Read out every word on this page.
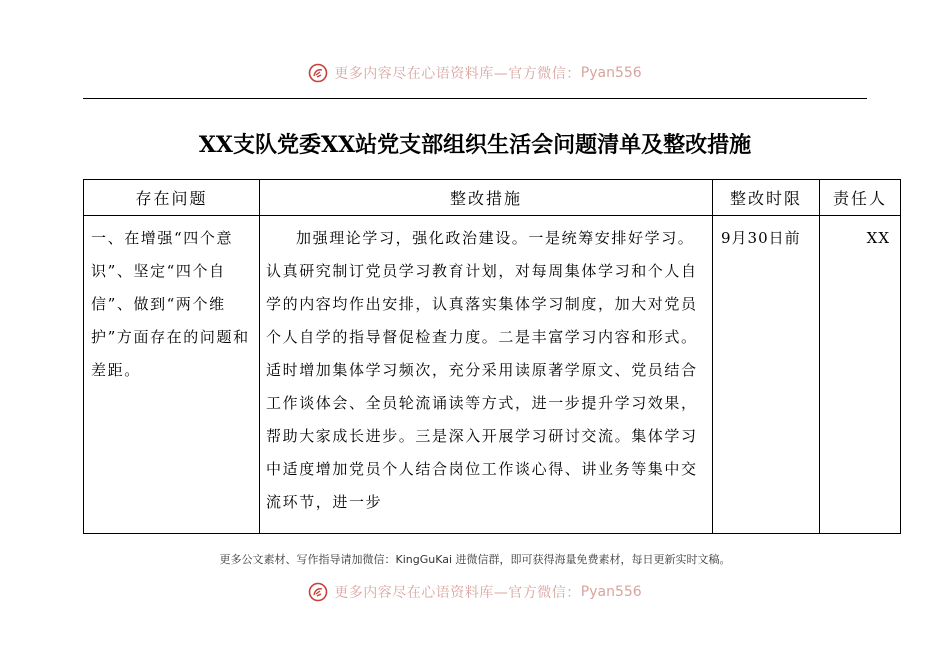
更多内容尽在心语资料库—官方微信： Pyan556
XX支队党委XX站党支部组织生活会问题清单及整改措施
存在问题	整改措施	整改时限	责任人

一、在增强“四个意识”、坚定“四个自信”、做到“两个维护”方面存在的问题和差距。	加强理论学习，强化政治建设。一是统筹安排好学习。认真研究制订党员学习教育计划，对每周集体学习和个人自学的内容均作出安排，认真落实集体学习制度，加大对党员个人自学的指导督促检查力度。二是丰富学习内容和形式。适时增加集体学习频次，充分采用读原著学原文、党员结合工作谈体会、全员轮流诵读等方式，进一步提升学习效果，帮助大家成长进步。三是深入开展学习研讨交流。集体学习中适度增加党员个人结合岗位工作谈心得、讲业务等集中交流环节，进一步	9月30日前	XX
更多公文素材、写作指导请加微信：KingGuKai 进微信群，即可获得海量免费素材，每日更新实时文稿。
更多内容尽在心语资料库—官方微信： Pyan556
